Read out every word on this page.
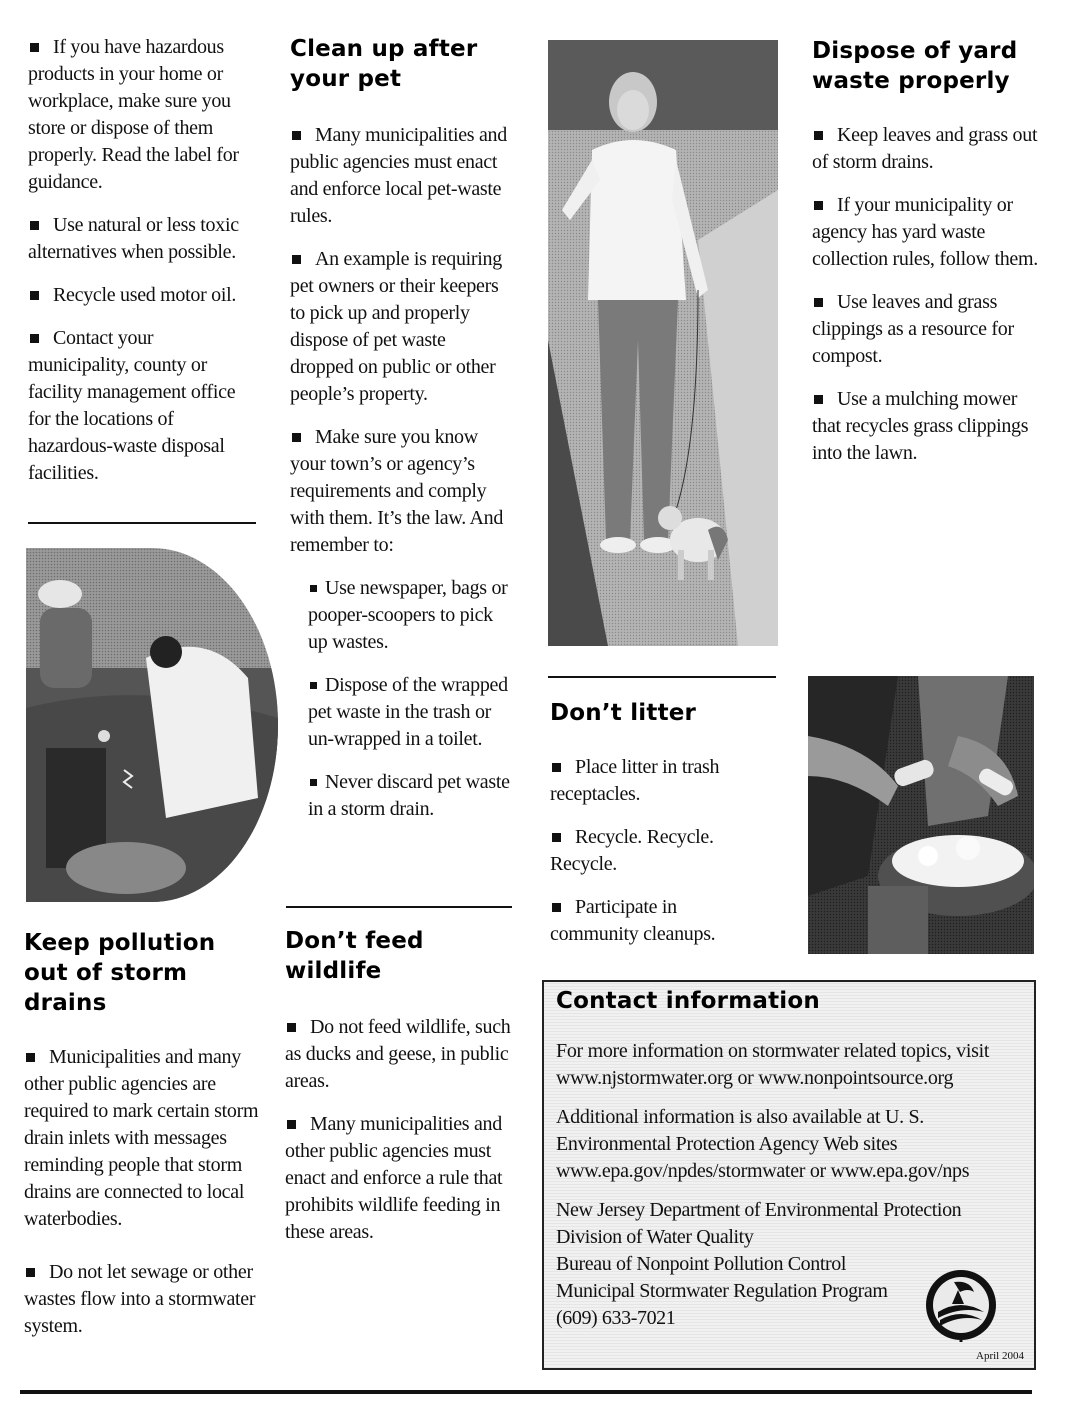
If you have hazardous products in your home or workplace, make sure you store or dispose of them properly. Read the label for guidance.

Use natural or less toxic alternatives when possible.

Recycle used motor oil.

Contact your municipality, county or facility management office for the locations of hazardous-waste disposal facilities.

Keep pollution out of storm drains

Municipalities and many other public agencies are required to mark certain storm drain inlets with messages reminding people that storm drains are connected to local waterbodies.

Do not let sewage or other wastes flow into a stormwater system.

Clean up after your pet

Many municipalities and public agencies must enact and enforce local pet-waste rules.

An example is requiring pet owners or their keepers to pick up and properly dispose of pet waste dropped on public or other people’s property.

Make sure you know your town’s or agency’s requirements and comply with them. It’s the law. And remember to:

Use newspaper, bags or pooper-scoopers to pick up wastes.

Dispose of the wrapped pet waste in the trash or un-wrapped in a toilet.

Never discard pet waste in a storm drain.

Don’t feed wildlife

Do not feed wildlife, such as ducks and geese, in public areas.

Many municipalities and other public agencies must enact and enforce a rule that prohibits wildlife feeding in these areas.

Don’t litter

Place litter in trash receptacles.

Recycle. Recycle. Recycle.

Participate in community cleanups.

Dispose of yard waste properly

Keep leaves and grass out of storm drains.

If your municipality or agency has yard waste collection rules, follow them.

Use leaves and grass clippings as a resource for compost.

Use a mulching mower that recycles grass clippings into the lawn.

Contact information

For more information on stormwater related topics, visit www.njstormwater.org or www.nonpointsource.org

Additional information is also available at U. S. Environmental Protection Agency Web sites www.epa.gov/npdes/stormwater or www.epa.gov/nps

New Jersey Department of Environmental Protection
Division of Water Quality
Bureau of Nonpoint Pollution Control
Municipal Stormwater Regulation Program
(609) 633-7021
April 2004
